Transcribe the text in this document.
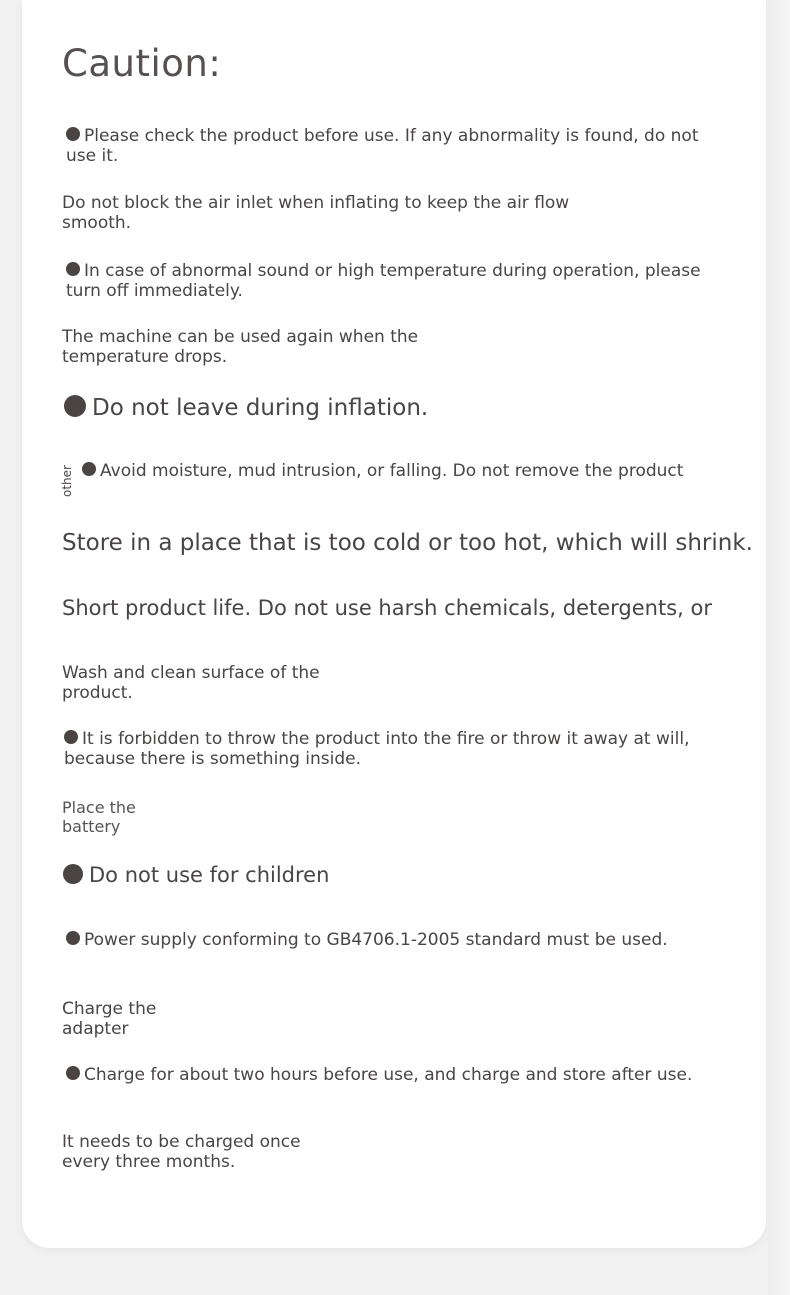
Caution:

Please check the product before use. If any abnormality is found, do not use it.

Do not block the air inlet when inflating to keep the air flow smooth.

In case of abnormal sound or high temperature during operation, please turn off immediately.

The machine can be used again when the temperature drops.

Do not leave during inflation.

other	Avoid moisture, mud intrusion, or falling. Do not remove the product

Store in a place that is too cold or too hot, which will shrink.

Short product life. Do not use harsh chemicals, detergents, or

Wash and clean surface of the product.

It is forbidden to throw the product into the fire or throw it away at will, because there is something inside.

Place the battery

Do not use for children

Power supply conforming to GB4706.1-2005 standard must be used.

Charge the adapter

Charge for about two hours before use, and charge and store after use.

It needs to be charged once every three months.
